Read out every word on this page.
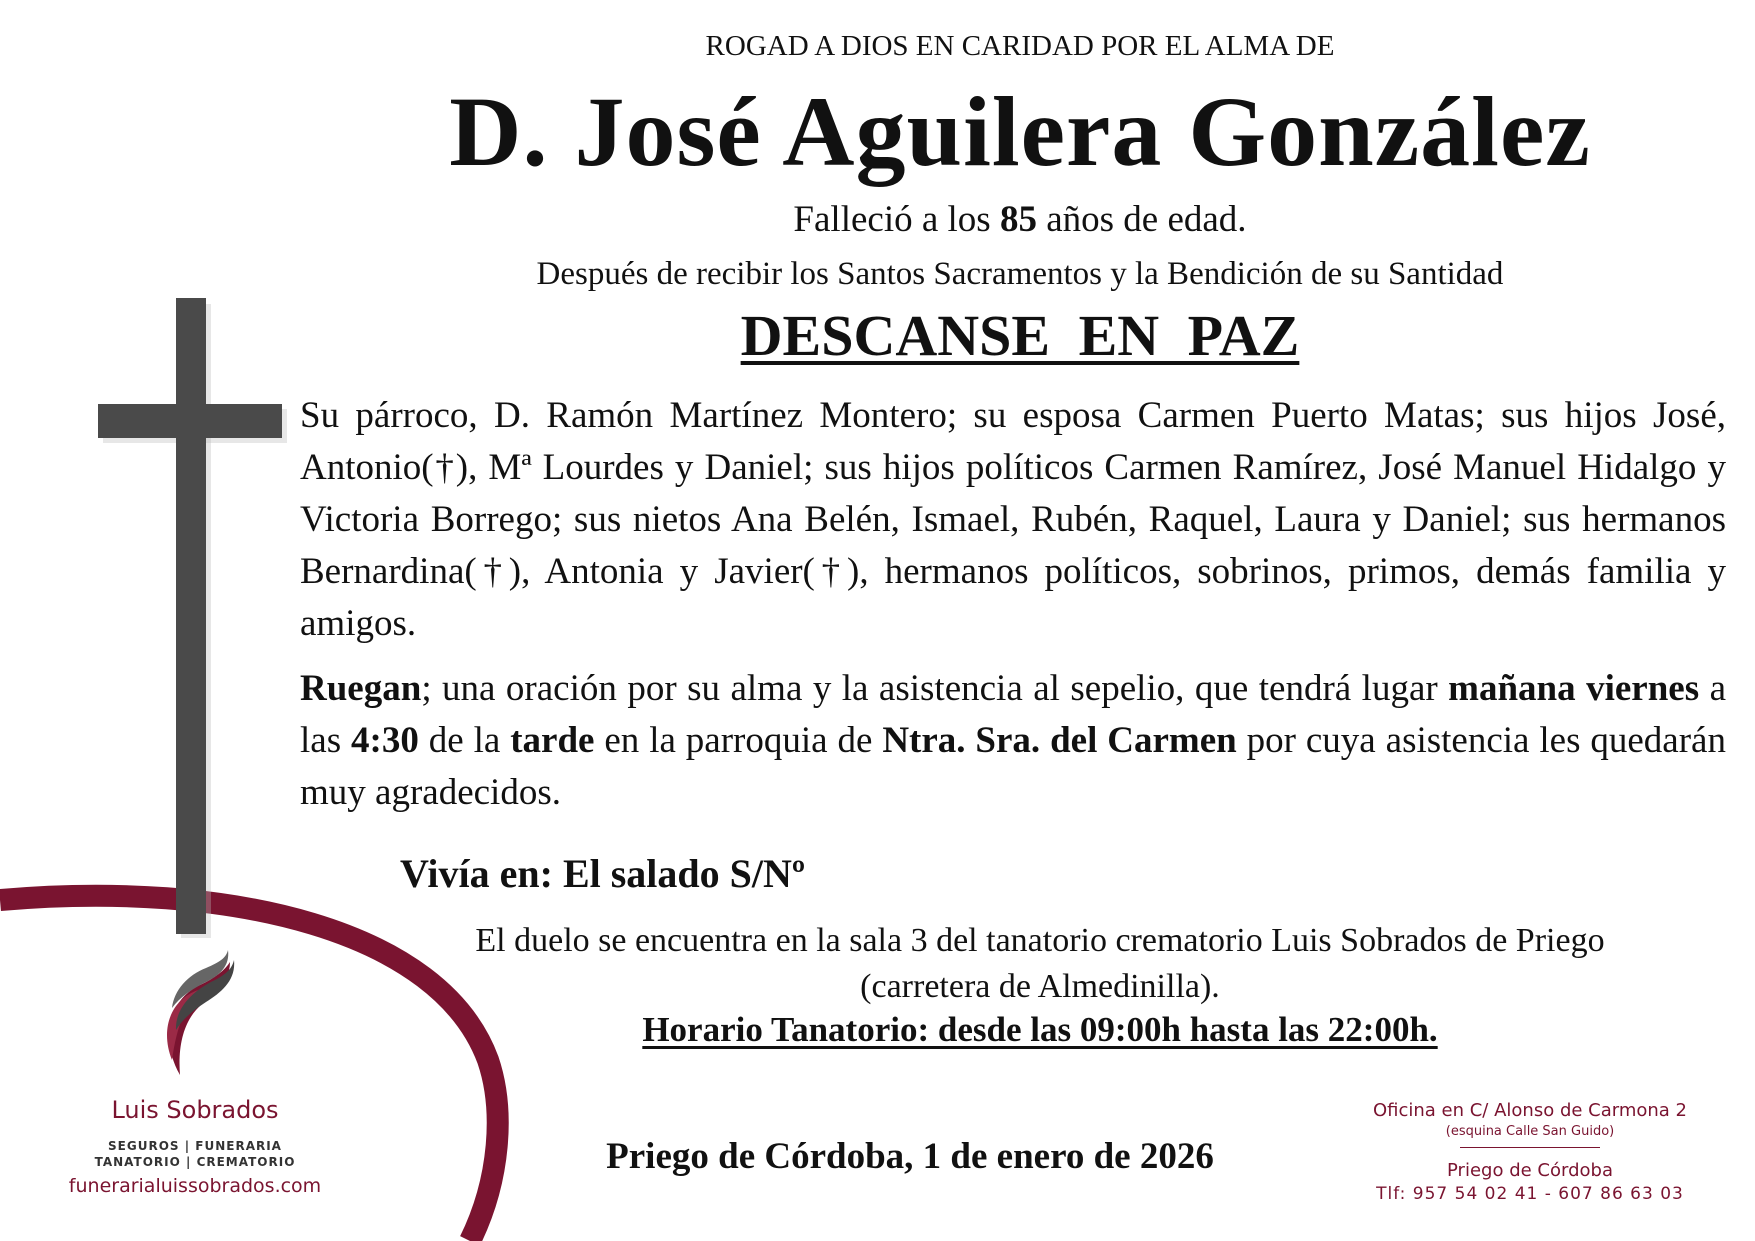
ROGAD A DIOS EN CARIDAD POR EL ALMA DE
D. José Aguilera González
Falleció a los 85 años de edad.
Después de recibir los Santos Sacramentos y la Bendición de su Santidad
DESCANSE EN PAZ
Su párroco, D. Ramón Martínez Montero; su esposa Carmen Puerto Matas; sus hijos José, Antonio(†), Mª Lourdes y Daniel; sus hijos políticos Carmen Ramírez, José Manuel Hidalgo y Victoria Borrego; sus nietos Ana Belén, Ismael, Rubén, Raquel, Laura y Daniel; sus hermanos Bernardina(†), Antonia y Javier(†), hermanos políticos, sobrinos, primos, demás familia y amigos.
Ruegan; una oración por su alma y la asistencia al sepelio, que tendrá lugar mañana viernes a las 4:30 de la tarde en la parroquia de Ntra. Sra. del Carmen por cuya asistencia les quedarán muy agradecidos.
Vivía en: El salado S/Nº
El duelo se encuentra en la sala 3 del tanatorio crematorio Luis Sobrados de Priego
(carretera de Almedinilla).
Horario Tanatorio: desde las 09:00h hasta las 22:00h.
Priego de Córdoba, 1 de enero de 2026
Luis Sobrados
SEGUROS | FUNERARIA
TANATORIO | CREMATORIO
funerarialuissobrados.com
Oficina en C/ Alonso de Carmona 2
(esquina Calle San Guido)
Priego de Córdoba
Tlf: 957 54 02 41 - 607 86 63 03
